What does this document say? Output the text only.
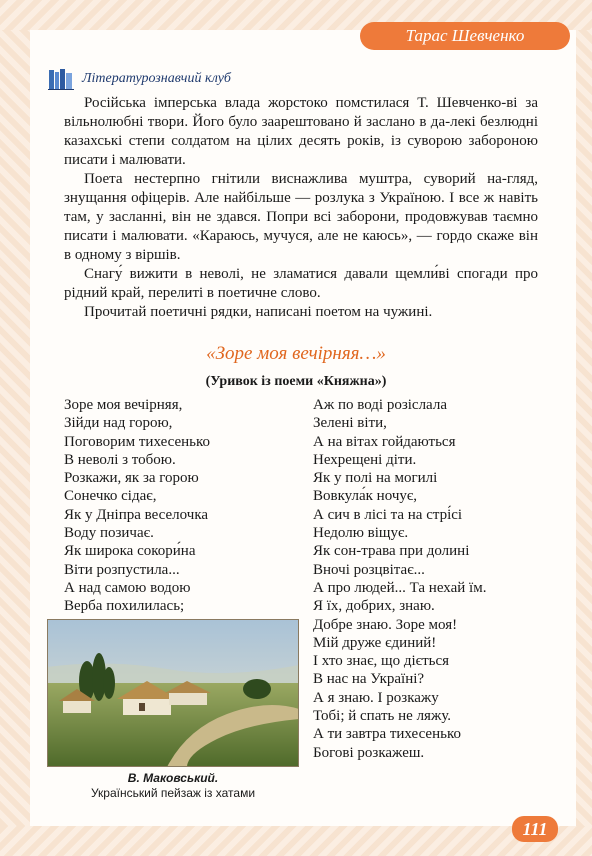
Тарас Шевченко
Літературознавчий клуб

Російська імперська влада жорстоко помстилася Т. Шевченко-ві за вільнолюбні твори. Його було заарештовано й заслано в да-лекі безлюдні казахські степи солдатом на цілих десять років, із суворою забороною писати і малювати.

Поета нестерпно гнітили виснажлива муштра, суворий на-гляд, знущання офіцерів. Але найбільше — розлука з Україною. І все ж навіть там, у засланні, він не здався. Попри всі заборони, продовжував таємно писати і малювати. «Караюсь, мучуся, але не каюсь», — гордо скаже він в одному з віршів.

Снагу́ вижити в неволі, не зламатися давали щемли́ві спогади про рідний край, перелиті в поетичне слово.

Прочитай поетичні рядки, написані поетом на чужині.

«Зоре моя вечірняя…»
(Уривок із поеми «Княжна»)
Зоре моя вечірняя,
Зійди над горою,
Поговорим тихесенько
В неволі з тобою.
Розкажи, як за горою
Сонечко сідає,
Як у Дніпра веселочка
Воду позичає.
Як широка сокори́на
Віти розпустила...
А над самою водою
Верба похилилась;
Аж по воді розіслала
Зелені віти,
А на вітах гойдаються
Нехрещені діти.
Як у полі на могилі
Вовкула́к ночує,
А сич в лісі та на стрі́сі
Недолю віщує.
Як сон-трава при долині
Вночі розцвітає...
А про людей... Та нехай їм.
Я їх, добрих, знаю.
Добре знаю. Зоре моя!
Мій друже єдиний!
І хто знає, що діється
В нас на Україні?
А я знаю. І розкажу
Тобі; й спать не ляжу.
А ти завтра тихесенько
Богові розкажеш.
В. Маковський.
Український пейзаж із хатами
111
